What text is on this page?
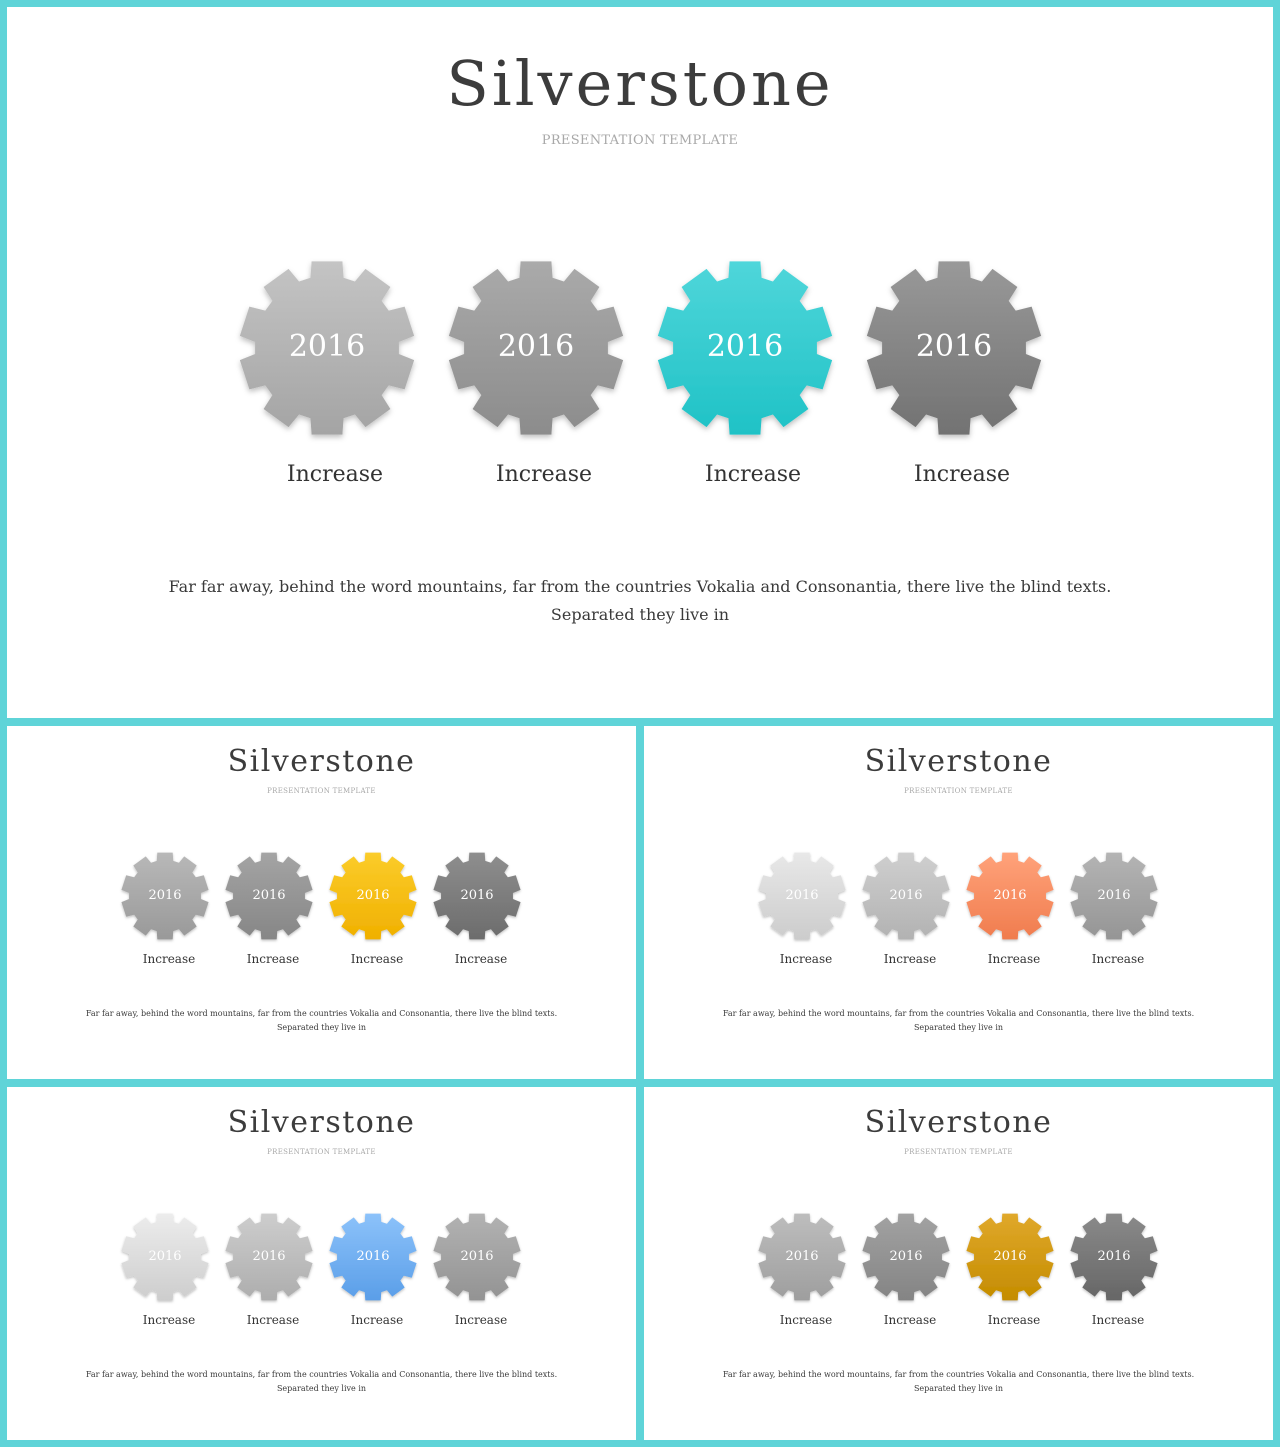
Silverstone
PRESENTATION TEMPLATE
2016
Increase
2016
Increase
2016
Increase
2016
Increase
Far far away, behind the word mountains, far from the countries Vokalia and Consonantia, there live the blind texts.
Separated they live in
Silverstone
PRESENTATION TEMPLATE
2016
Increase
2016
Increase
2016
Increase
2016
Increase
Far far away, behind the word mountains, far from the countries Vokalia and Consonantia, there live the blind texts.
Separated they live in
Silverstone
PRESENTATION TEMPLATE
2016
Increase
2016
Increase
2016
Increase
2016
Increase
Far far away, behind the word mountains, far from the countries Vokalia and Consonantia, there live the blind texts.
Separated they live in
Silverstone
PRESENTATION TEMPLATE
2016
Increase
2016
Increase
2016
Increase
2016
Increase
Far far away, behind the word mountains, far from the countries Vokalia and Consonantia, there live the blind texts.
Separated they live in
Silverstone
PRESENTATION TEMPLATE
2016
Increase
2016
Increase
2016
Increase
2016
Increase
Far far away, behind the word mountains, far from the countries Vokalia and Consonantia, there live the blind texts.
Separated they live in
